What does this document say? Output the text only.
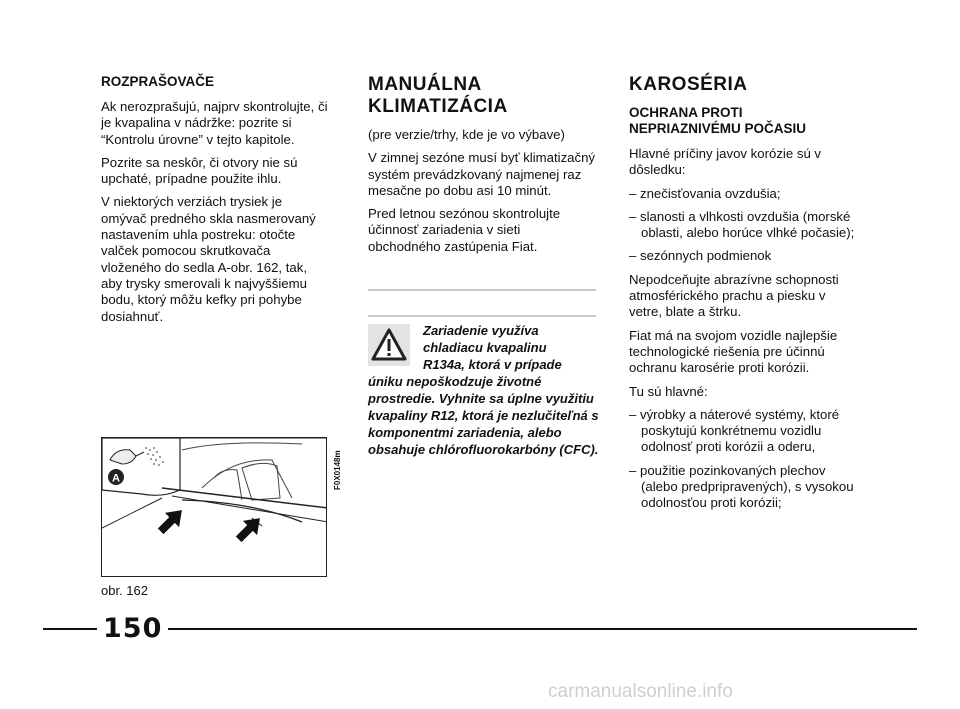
ROZPRAŠOVAČE

Ak nerozprašujú, najprv skontrolujte, či je kvapalina v nádržke: pozrite si “Kontrolu úrovne” v tejto kapitole.

Pozrite sa neskôr, či otvory nie sú upchaté, prípadne použite ihlu.

V niektorých verziách trysiek je omývač predného skla nasmerovaný nastavením uhla postreku: otočte valček pomocou skrutkovača vloženého do sedla A-obr. 162, tak, aby trysky smerovali k najvyššiemu bodu, ktorý môžu kefky pri pohybe dosiahnuť.

MANUÁLNA
KLIMATIZÁCIA

(pre verzie/trhy, kde je vo výbave)

V zimnej sezóne musí byť klimatizačný systém prevádzkovaný najmenej raz mesačne po dobu asi 10 minút.

Pred letnou sezónou skontrolujte účinnosť zariadenia v sieti obchodného zastúpenia Fiat.

Zariadenie využíva
chladiacu kvapalinu
R134a, ktorá v prípade
úniku nepoškodzuje životné prostredie. Vyhnite sa úplne využitiu kvapaliny R12, ktorá je nezlučiteľná s komponentmi zariadenia, alebo obsahuje chlórofluorokarbóny (CFC).

KAROSÉRIA
OCHRANA PROTI
NEPRIAZNIVÉMU POČASIU

Hlavné príčiny javov korózie sú v dôsledku:

– znečisťovania ovzdušia;

– slanosti a vlhkosti ovzdušia (morské oblasti, alebo horúce vlhké počasie);

– sezónnych podmienok

Nepodceňujte abrazívne schopnosti atmosférického prachu a piesku v vetre, blate a štrku.

Fiat má na svojom vozidle najlepšie technologické riešenia pre účinnú ochranu karosérie proti korózii.

Tu sú hlavné:

– výrobky a náterové systémy, ktoré poskytujú konkrétnemu vozidlu odolnosť proti korózii a oderu,

– použitie pozinkovaných plechov (alebo predpripravených), s vysokou odolnosťou proti korózii;

A	F0X0148m

obr. 162

150

carmanualsonline.info
